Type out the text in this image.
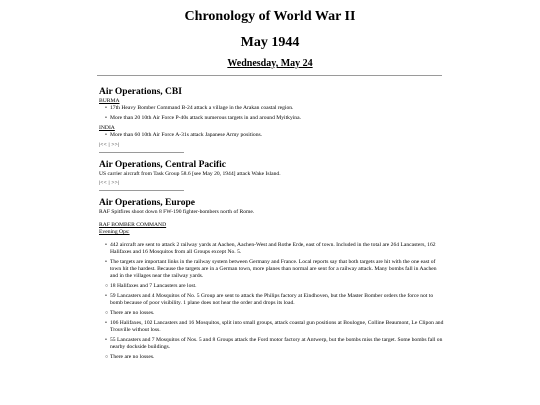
Chronology of World War II
May 1944
Wednesday, May 24
Air Operations, CBI
BURMA
• 17th Heavy Bomber Command B-24 attack a village in the Arakan coastal region.
• More than 20 10th Air Force P-40s attack numerous targets in and around Myitkyina.
INDIA
• More than 60 10th Air Force A-31s attack Japanese Army positions.
|<< | >>|
Air Operations, Central Pacific

US carrier aircraft from Task Group 58.6 [see May 20, 1944] attack Wake Island.

|<< | >>|
Air Operations, Europe

RAF Spitfires shoot down 8 FW-190 fighter-bombers north of Rome.

RAF BOMBER COMMAND
Evening Ops:
• 442 aircraft are sent to attack 2 railway yards at Aachen, Aachen-West and Rothe Erde, east of town. Included in the total are 264 Lancasters, 162 Halifaxes and 16 Mosquitos from all Groups except No. 5.
• The targets are important links in the railway system between Germany and France. Local reports say that both targets are hit with the one east of town hit the hardest. Because the targets are in a German town, more planes than normal are sent for a railway attack. Many bombs fall in Aachen and in the villages near the railway yards.
○ 18 Halifaxes and 7 Lancasters are lost.
• 59 Lancasters and 4 Mosquitos of No. 5 Group are sent to attack the Philips factory at Eindhoven, but the Master Bomber orders the force not to bomb because of poor visibility. 1 plane does not hear the order and drops its load.
○ There are no losses.
• 106 Halifaxes, 102 Lancasters and 16 Mosquitos, split into small groups, attack coastal gun positions at Boulogne, Colline Beaumont, Le Clipon and Trouville without loss.
• 55 Lancasters and 7 Mosquitos of Nos. 5 and 8 Groups attack the Ford motor factory at Antwerp, but the bombs miss the target. Some bombs fall on nearby dockside buildings.
○ There are no losses.
